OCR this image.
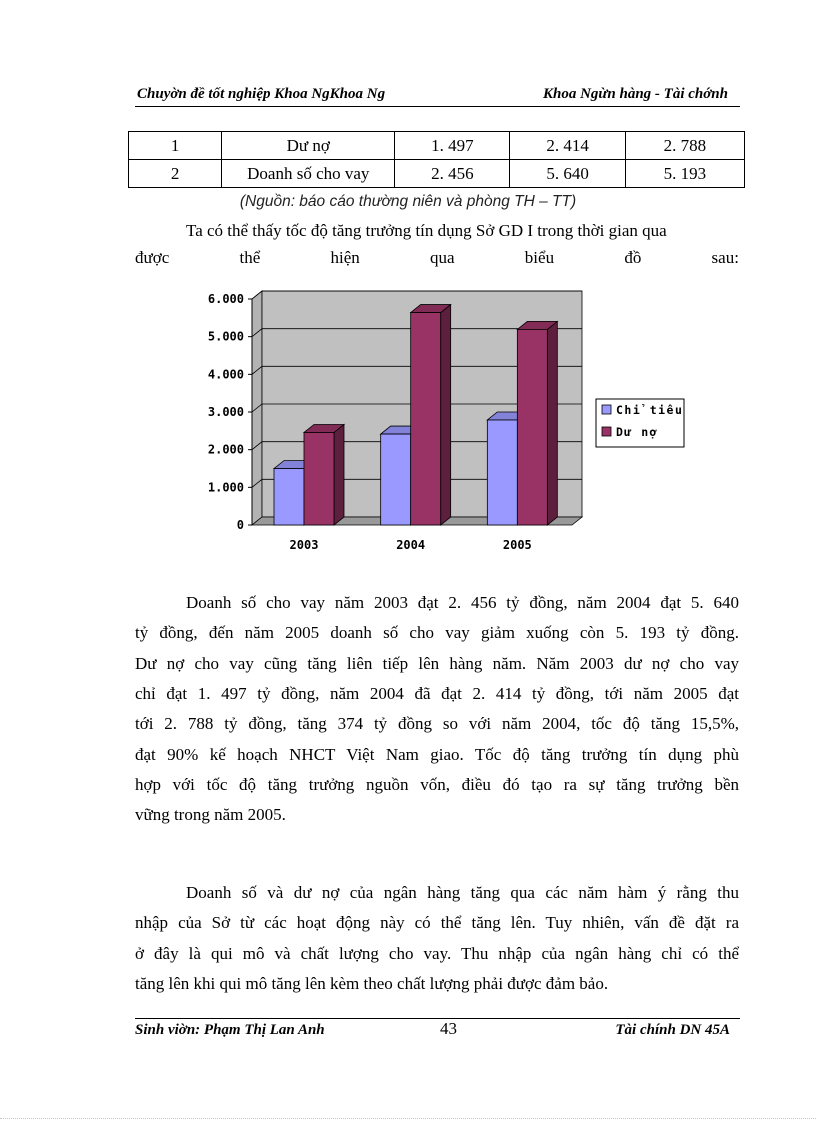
Chuyờn đề tốt nghiệp Khoa NgKhoa Ng	Khoa Ngừn hàng - Tài chớnh
1	Dư nợ	1. 497	2. 414	2. 788
2	Doanh số cho vay	2. 456	5. 640	5. 193
(Nguồn: báo cáo thường niên và phòng TH – TT)
Ta có thể thấy tốc độ tăng trưởng tín dụng Sở GD I trong thời gian qua
được	thể	hiện	qua	biểu	đồ	sau:
0
1.000
2.000
3.000
4.000
5.000
6.000
2003	2004	2005
Chỉ tiêu
Dư nợ
Doanh số cho vay năm 2003 đạt 2. 456 tỷ đồng, năm 2004 đạt 5. 640
tỷ đồng, đến năm 2005 doanh số cho vay giảm xuống còn 5. 193 tỷ đồng.
Dư nợ cho vay cũng tăng liên tiếp lên hàng năm. Năm 2003 dư nợ cho vay
chỉ đạt 1. 497 tỷ đồng, năm 2004 đã đạt 2. 414 tỷ đồng, tới năm 2005 đạt
tới 2. 788 tỷ đồng, tăng 374 tỷ đồng so với năm 2004, tốc độ tăng 15,5%,
đạt 90% kế hoạch NHCT Việt Nam giao. Tốc độ tăng trưởng tín dụng phù
hợp với tốc độ tăng trưởng nguồn vốn, điều đó tạo ra sự tăng trưởng bền
vững trong năm 2005.
Doanh số và dư nợ của ngân hàng tăng qua các năm hàm ý rằng thu
nhập của Sở từ các hoạt động này có thể tăng lên. Tuy nhiên, vấn đề đặt ra
ở đây là qui mô và chất lượng cho vay. Thu nhập của ngân hàng chỉ có thể
tăng lên khi qui mô tăng lên kèm theo chất lượng phải được đảm bảo.
Sinh viờn: Phạm Thị Lan Anh	43	Tài chính DN 45A
